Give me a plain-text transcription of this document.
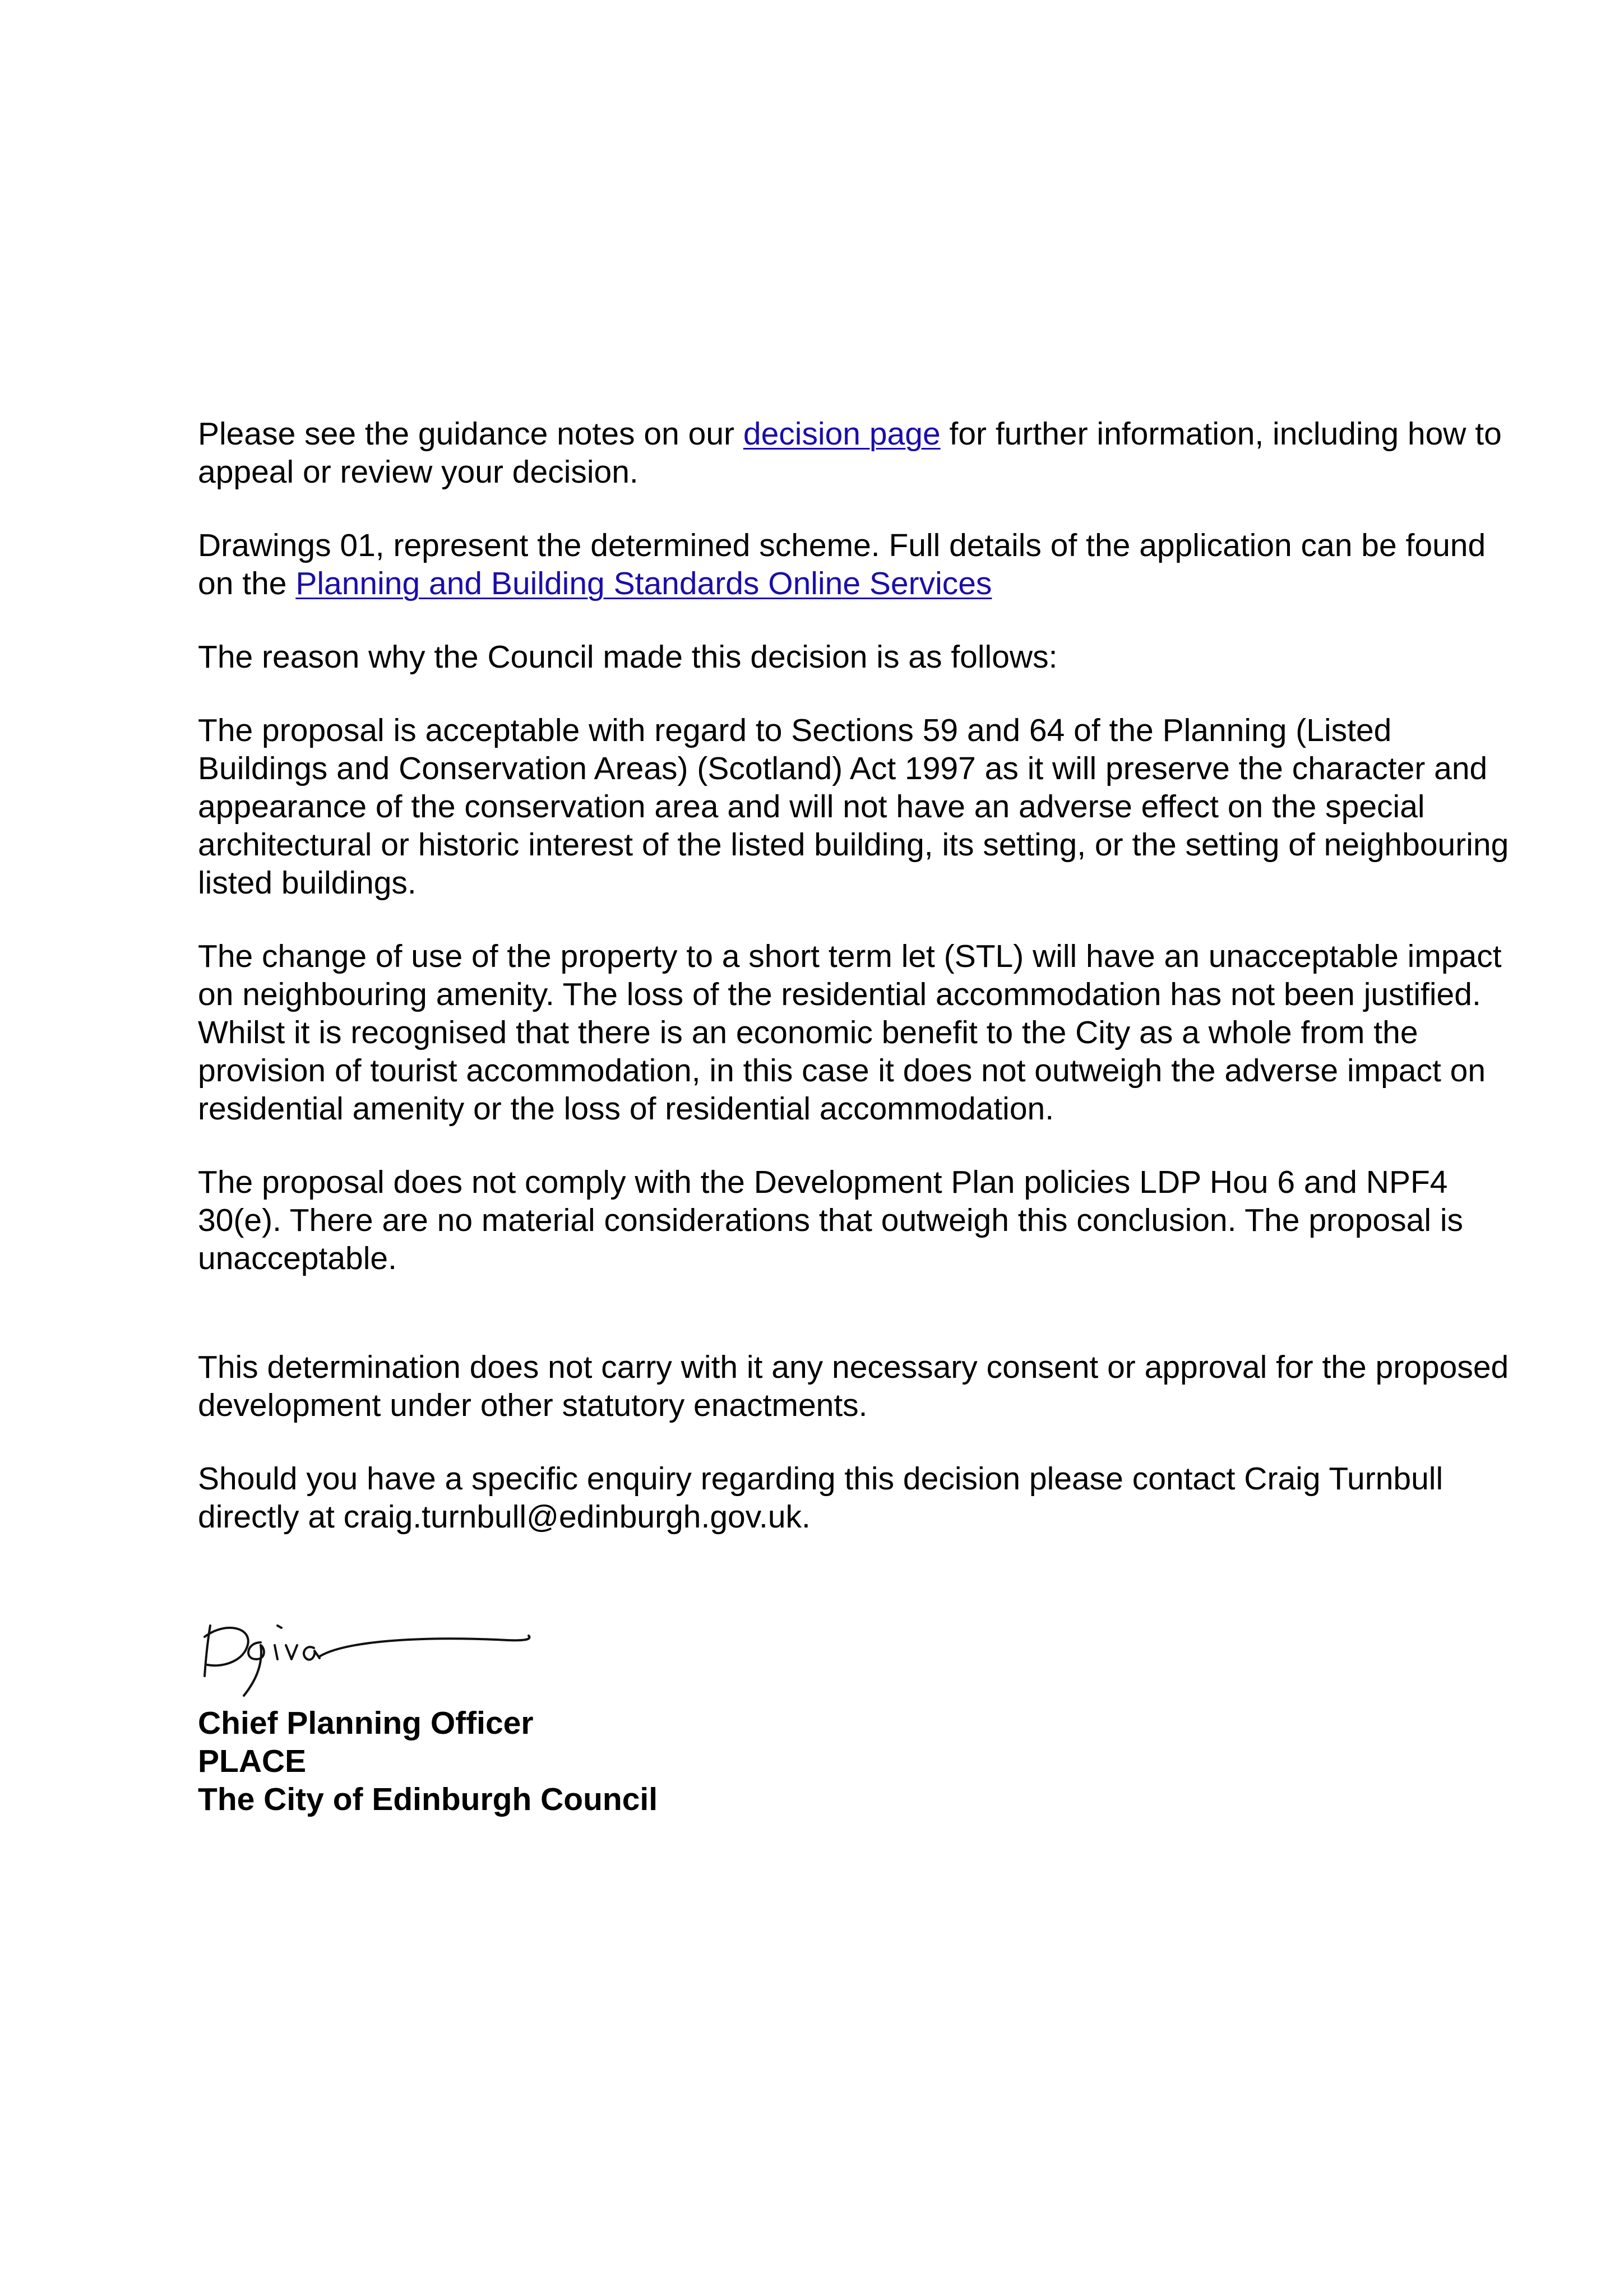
Please see the guidance notes on our decision page for further information, including how to appeal or review your decision.

Drawings 01, represent the determined scheme. Full details of the application can be found on the Planning and Building Standards Online Services

The reason why the Council made this decision is as follows:

The proposal is acceptable with regard to Sections 59 and 64 of the Planning (Listed Buildings and Conservation Areas) (Scotland) Act 1997 as it will preserve the character and appearance of the conservation area and will not have an adverse effect on the special architectural or historic interest of the listed building, its setting, or the setting of neighbouring listed buildings.

The change of use of the property to a short term let (STL) will have an unacceptable impact on neighbouring amenity. The loss of the residential accommodation has not been justified. Whilst it is recognised that there is an economic benefit to the City as a whole from the provision of tourist accommodation, in this case it does not outweigh the adverse impact on residential amenity or the loss of residential accommodation.

The proposal does not comply with the Development Plan policies LDP Hou 6 and NPF4 30(e). There are no material considerations that outweigh this conclusion. The proposal is unacceptable.

This determination does not carry with it any necessary consent or approval for the proposed development under other statutory enactments.

Should you have a specific enquiry regarding this decision please contact Craig Turnbull directly at craig.turnbull@edinburgh.gov.uk.

Chief Planning Officer
PLACE
The City of Edinburgh Council
